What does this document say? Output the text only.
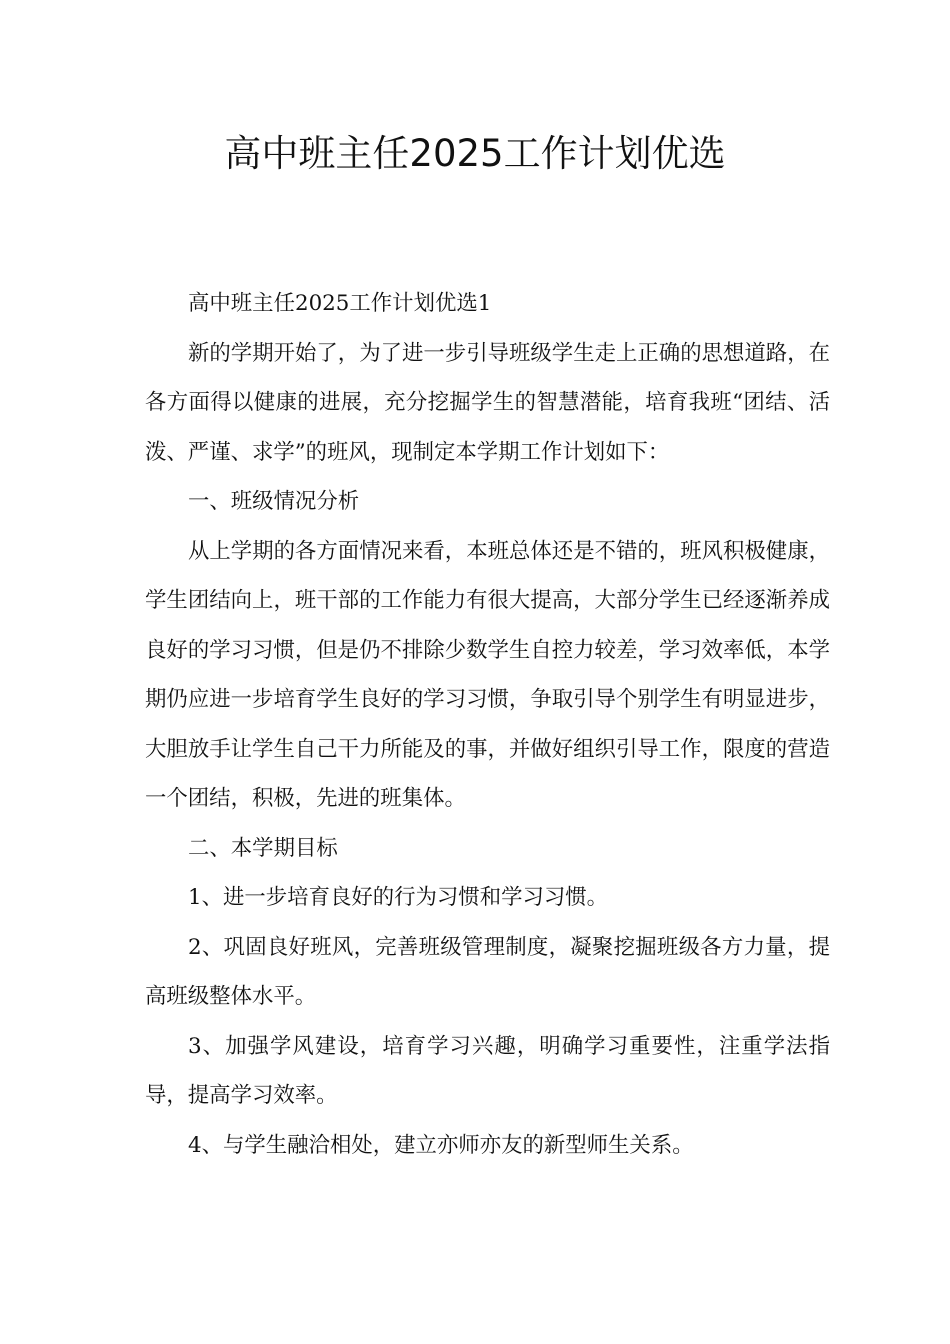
高中班主任2025工作计划优选

高中班主任2025工作计划优选1

新的学期开始了，为了进一步引导班级学生走上正确的思想道路，在各方面得以健康的进展，充分挖掘学生的智慧潜能，培育我班“团结、活泼、严谨、求学”的班风，现制定本学期工作计划如下：

一、班级情况分析

从上学期的各方面情况来看，本班总体还是不错的，班风积极健康，学生团结向上，班干部的工作能力有很大提高，大部分学生已经逐渐养成良好的学习习惯，但是仍不排除少数学生自控力较差，学习效率低，本学期仍应进一步培育学生良好的学习习惯，争取引导个别学生有明显进步，大胆放手让学生自己干力所能及的事，并做好组织引导工作，限度的营造一个团结，积极，先进的班集体。

二、本学期目标

1、进一步培育良好的行为习惯和学习习惯。

2、巩固良好班风，完善班级管理制度，凝聚挖掘班级各方力量，提高班级整体水平。

3、加强学风建设，培育学习兴趣，明确学习重要性，注重学法指导，提高学习效率。

4、与学生融洽相处，建立亦师亦友的新型师生关系。
